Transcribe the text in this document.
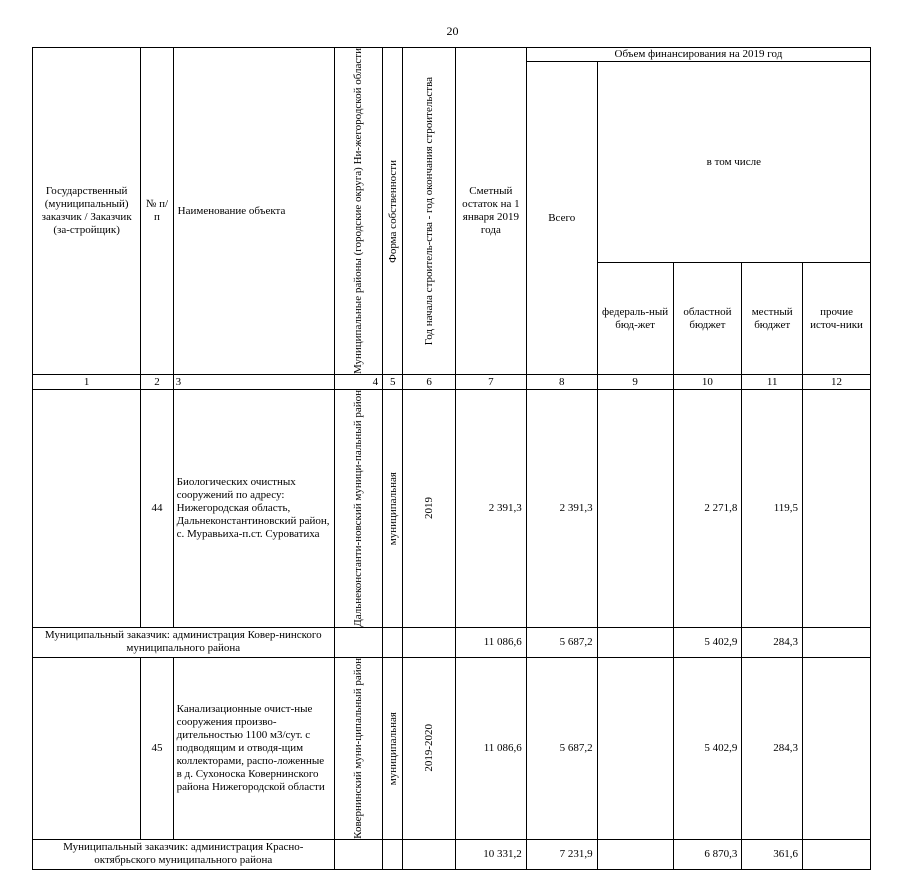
20
Государственный (муниципальный) заказчик / Заказчик (за-стройщик)	№ п/п	Наименование объекта	Муниципальные районы (городские округа) Ни-жегородской области	Форма собственности	Год начала строитель-ства - год окончания строительства	Сметный остаток на 1 января 2019 года	Объем финансирования на 2019 год				
							Всего	в том числе			
								федераль-ный бюд-жет	областной бюджет	местный бюджет	прочие источ-ники
1	2	3	4	5	6	7	8	9	10	11	12
	44	Биологических очистных сооружений по адресу: Нижегородская область, Дальнеконстантиновский район, с. Муравьиха-п.ст. Суроватиха	Дальнеконстанти-новский муници-пальный район	муниципальная	2019	2 391,3	2 391,3		2 271,8	119,5	
Муниципальный заказчик: администрация Ковер-нинского муниципального района						11 086,6	5 687,2		5 402,9	284,3	
	45	Канализационные очист-ные сооружения произво-дительностью 1100 м3/сут. с подводящим и отводя-щим коллекторами, распо-ложенные в д. Сухоноска Ковернинского района Нижегородской области	Ковернинский муни-ципальный район	муниципальная	2019-2020	11 086,6	5 687,2		5 402,9	284,3	
Муниципальный заказчик: администрация Красно-октябрьского муниципального района						10 331,2	7 231,9		6 870,3	361,6	
